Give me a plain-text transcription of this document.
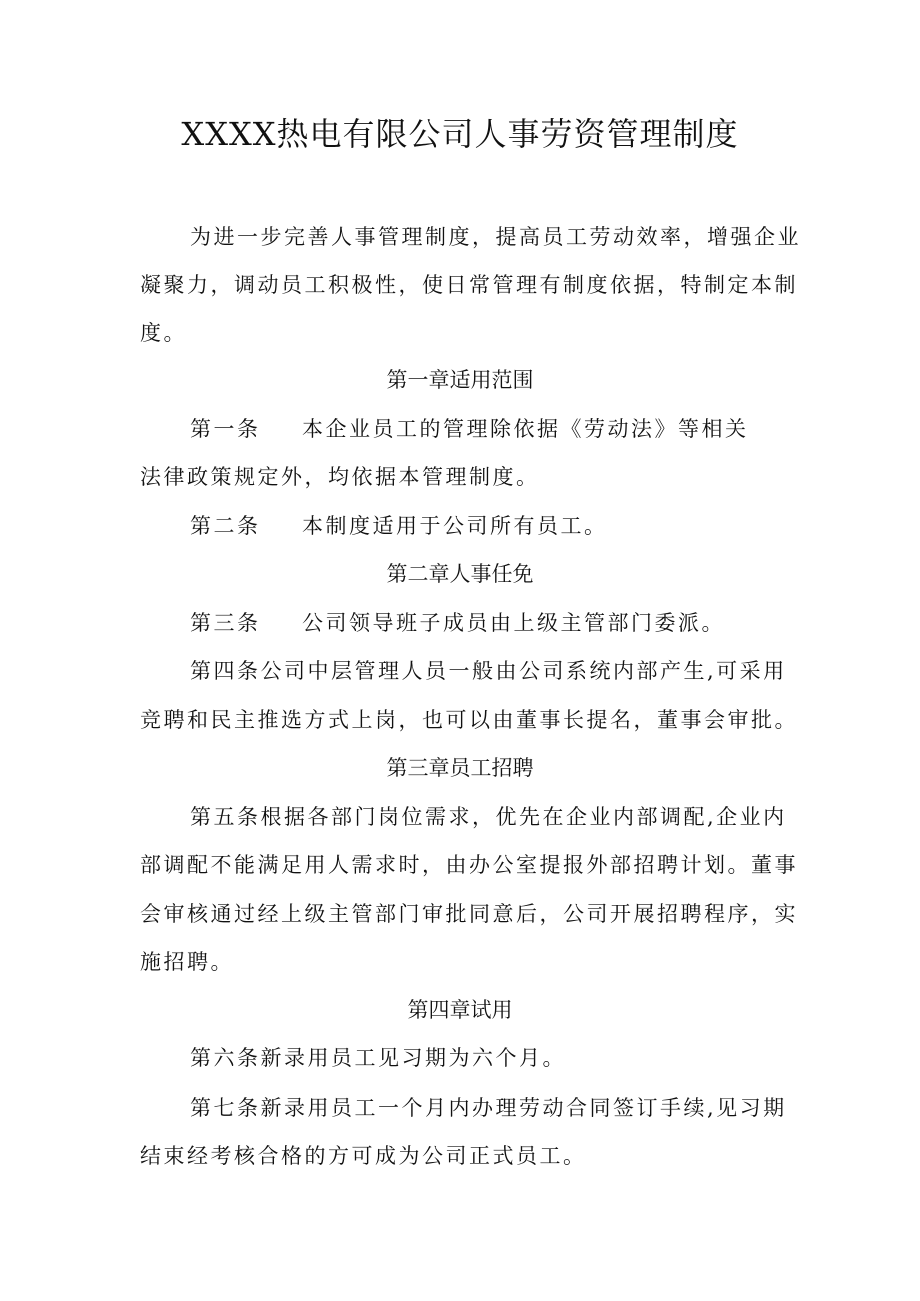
XXXX热电有限公司人事劳资管理制度
为进一步完善人事管理制度，提高员工劳动效率，增强企业
凝聚力，调动员工积极性，使日常管理有制度依据，特制定本制
度。
第一章适用范围
第一条 本企业员工的管理除依据《劳动法》等相关
法律政策规定外，均依据本管理制度。
第二条 本制度适用于公司所有员工。
第二章人事任免
第三条 公司领导班子成员由上级主管部门委派。
第四条公司中层管理人员一般由公司系统内部产生,可采用
竞聘和民主推选方式上岗，也可以由董事长提名，董事会审批。
第三章员工招聘
第五条根据各部门岗位需求，优先在企业内部调配,企业内
部调配不能满足用人需求时，由办公室提报外部招聘计划。董事
会审核通过经上级主管部门审批同意后，公司开展招聘程序，实
施招聘。
第四章试用
第六条新录用员工见习期为六个月。
第七条新录用员工一个月内办理劳动合同签订手续,见习期
结束经考核合格的方可成为公司正式员工。
